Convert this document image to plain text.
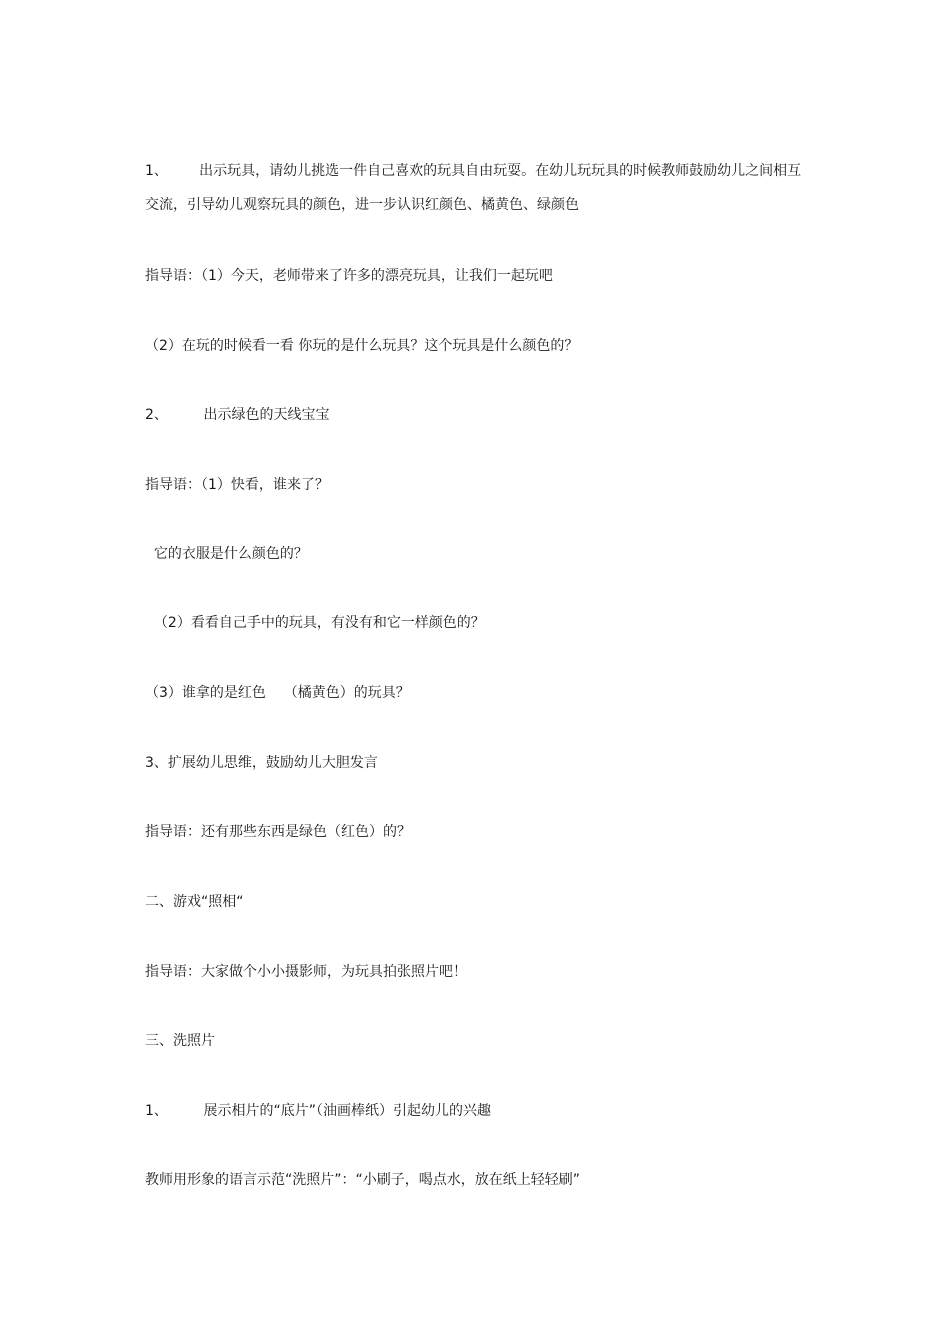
1、 出示玩具，请幼儿挑选一件自己喜欢的玩具自由玩耍。在幼儿玩玩具的时候教师鼓励幼儿之间相互交流，引导幼儿观察玩具的颜色，进一步认识红颜色、橘黄色、绿颜色

指导语：（1）今天，老师带来了许多的漂亮玩具，让我们一起玩吧

（2）在玩的时候看一看 你玩的是什么玩具？这个玩具是什么颜色的？

2、	出示绿色的天线宝宝

指导语：（1）快看，谁来了？

它的衣服是什么颜色的？

（2）看看自己手中的玩具，有没有和它一样颜色的？

（3）谁拿的是红色    （橘黄色）的玩具？

3、扩展幼儿思维，鼓励幼儿大胆发言

指导语：还有那些东西是绿色（红色）的？

二、游戏“照相“

指导语：大家做个小小摄影师，为玩具拍张照片吧！

三、洗照片

1、	展示相片的“底片”（油画棒纸）引起幼儿的兴趣

教师用形象的语言示范“洗照片”：“小刷子，喝点水，放在纸上轻轻刷”
